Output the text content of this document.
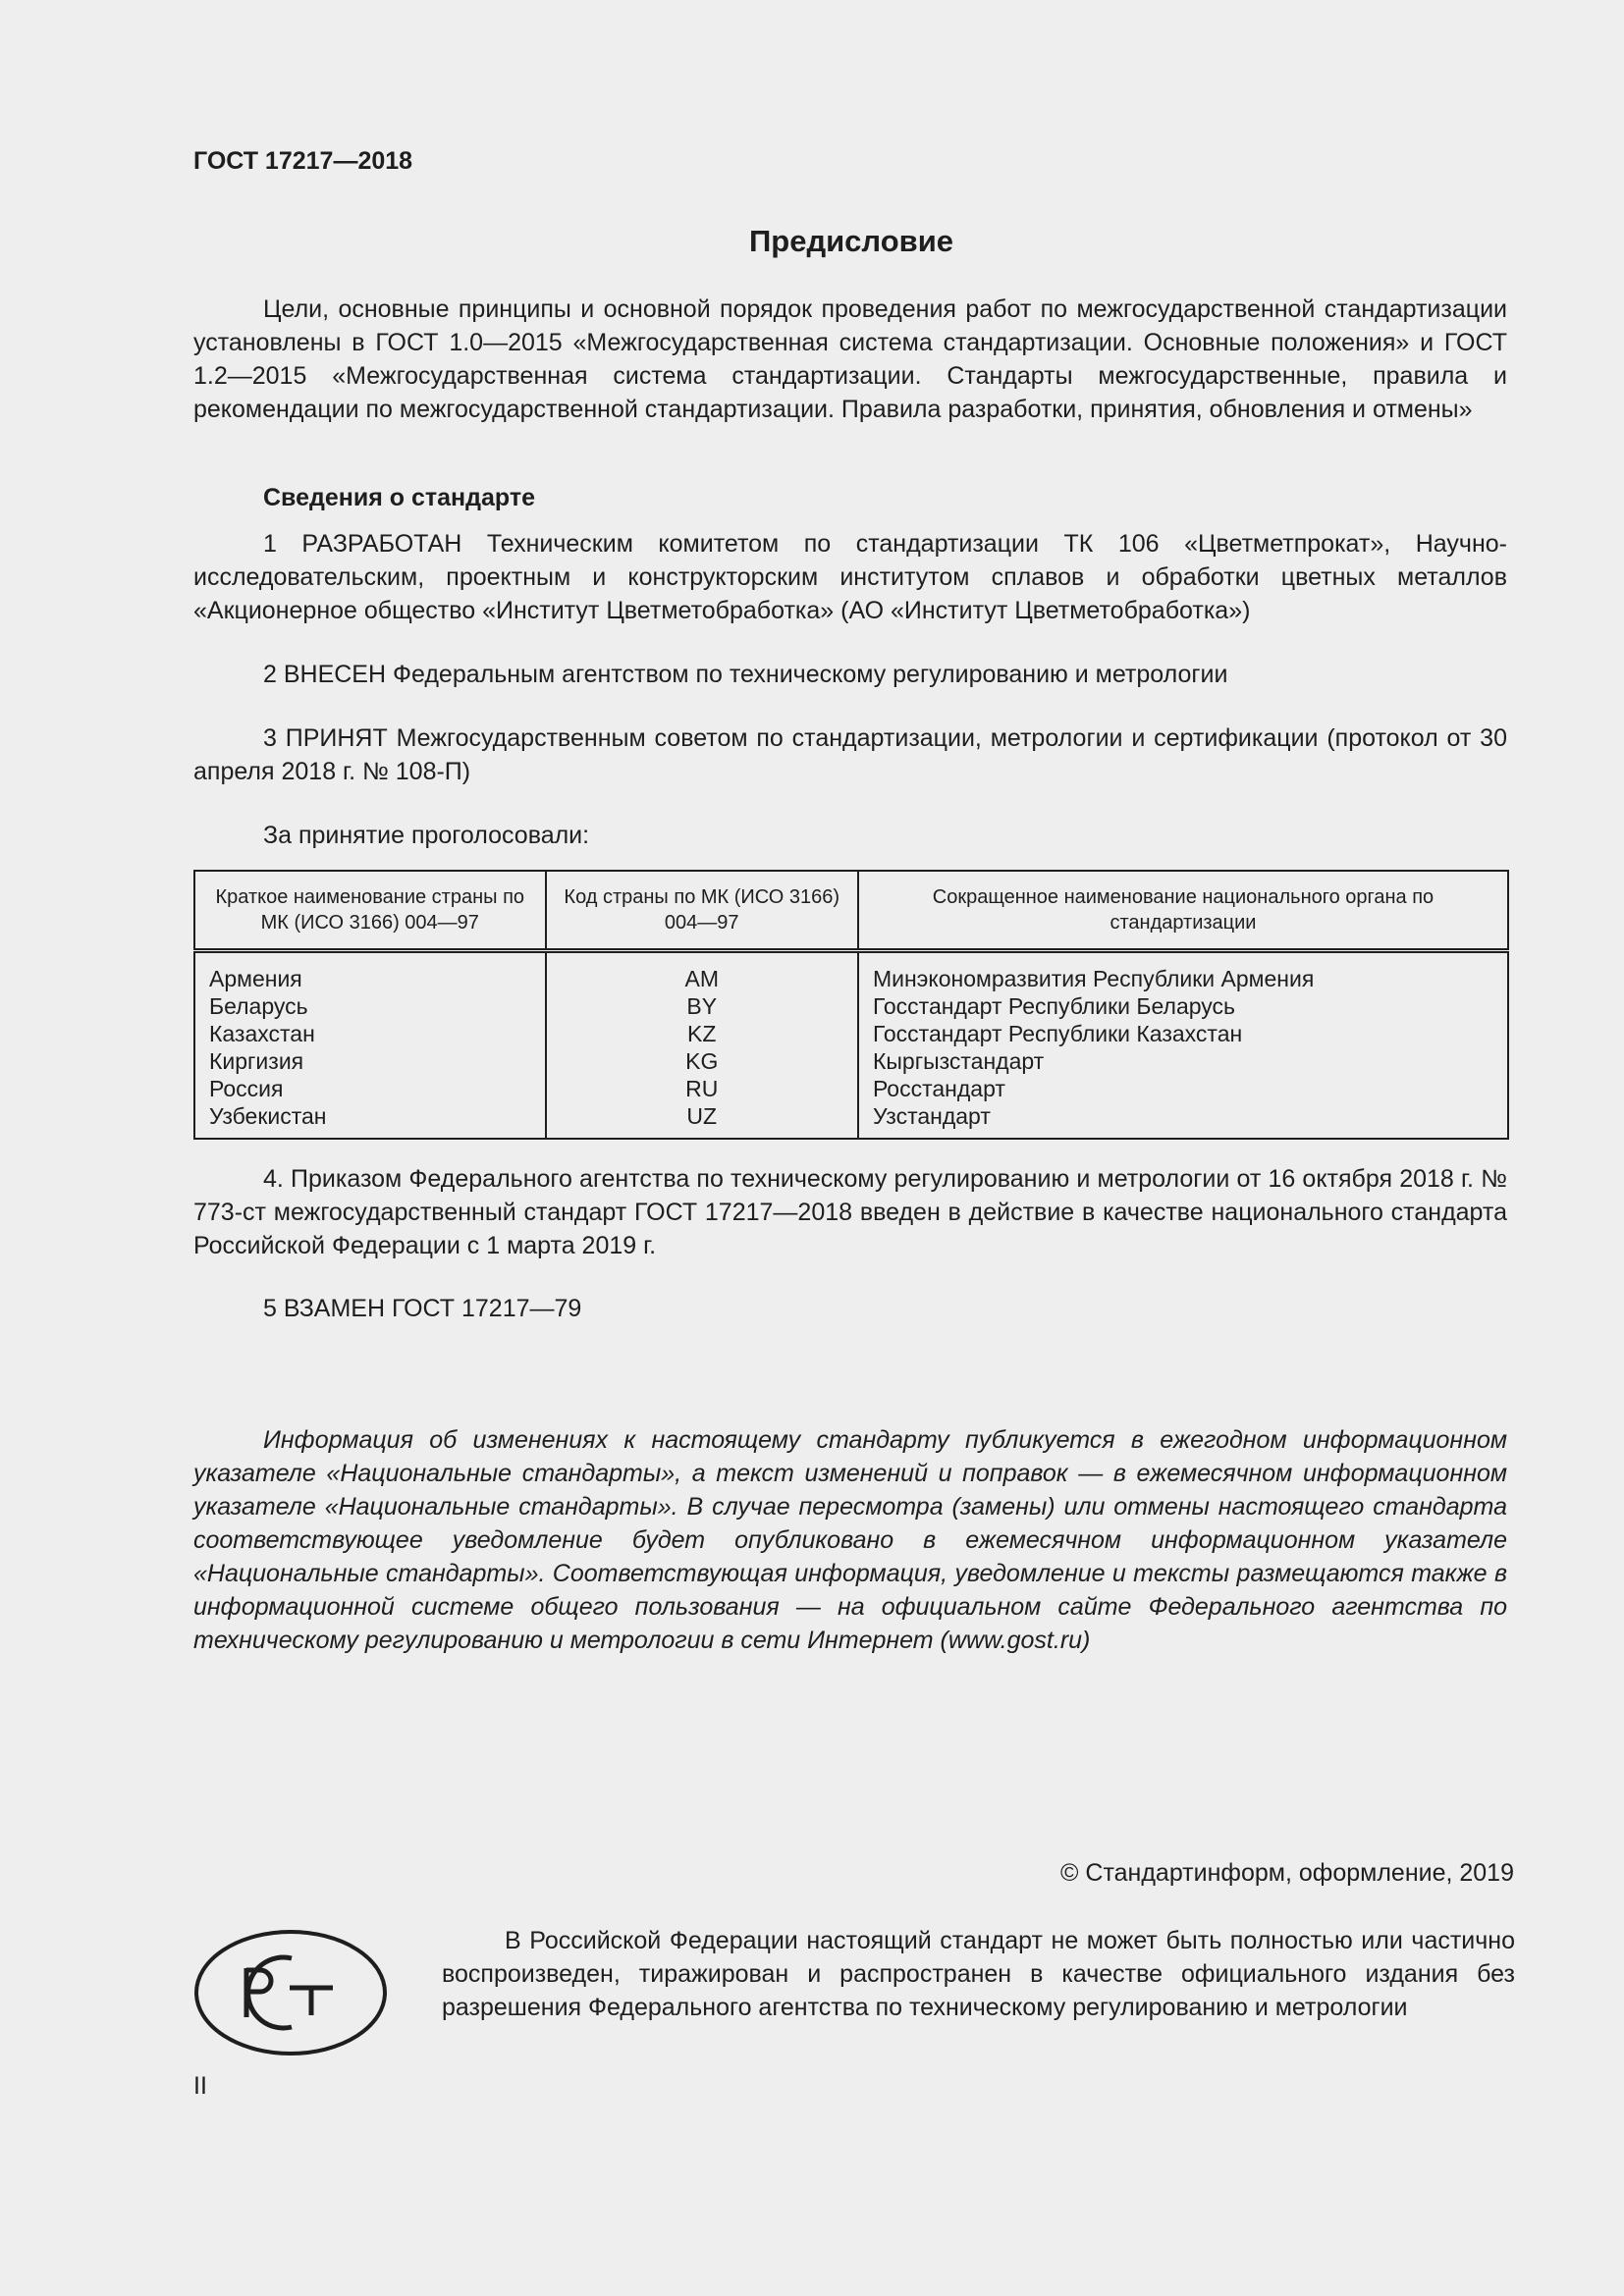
ГОСТ 17217—2018
Предисловие
Цели, основные принципы и основной порядок проведения работ по межгосударственной стандартизации установлены в ГОСТ 1.0—2015 «Межгосударственная система стандартизации. Основные положения» и ГОСТ 1.2—2015 «Межгосударственная система стандартизации. Стандарты межгосударственные, правила и рекомендации по межгосударственной стандартизации. Правила разработки, принятия, обновления и отмены»
Сведения о стандарте
1 РАЗРАБОТАН Техническим комитетом по стандартизации ТК 106 «Цветметпрокат», Научно-исследовательским, проектным и конструкторским институтом сплавов и обработки цветных металлов «Акционерное общество «Институт Цветметобработка» (АО «Институт Цветметобработка»)
2 ВНЕСЕН Федеральным агентством по техническому регулированию и метрологии
3 ПРИНЯТ Межгосударственным советом по стандартизации, метрологии и сертификации (протокол от 30 апреля 2018 г. № 108-П)
За принятие проголосовали:
Краткое наименование страны по МК (ИСО 3166) 004—97	Код страны по МК (ИСО 3166) 004—97	Сокращенное наименование национального органа по стандартизации
Армения	AM	Минэкономразвития Республики Армения
Беларусь	BY	Госстандарт Республики Беларусь
Казахстан	KZ	Госстандарт Республики Казахстан
Киргизия	KG	Кыргызстандарт
Россия	RU	Росстандарт
Узбекистан	UZ	Узстандарт
4. Приказом Федерального агентства по техническому регулированию и метрологии от 16 октября 2018 г. № 773-ст межгосударственный стандарт ГОСТ 17217—2018 введен в действие в качестве национального стандарта Российской Федерации с 1 марта 2019 г.
5 ВЗАМЕН ГОСТ 17217—79
Информация об изменениях к настоящему стандарту публикуется в ежегодном информационном указателе «Национальные стандарты», а текст изменений и поправок — в ежемесячном информационном указателе «Национальные стандарты». В случае пересмотра (замены) или отмены настоящего стандарта соответствующее уведомление будет опубликовано в ежемесячном информационном указателе «Национальные стандарты». Соответствующая информация, уведомление и тексты размещаются также в информационной системе общего пользования — на официальном сайте Федерального агентства по техническому регулированию и метрологии в сети Интернет (www.gost.ru)
© Стандартинформ, оформление, 2019
В Российской Федерации настоящий стандарт не может быть полностью или частично воспроизведен, тиражирован и распространен в качестве официального издания без разрешения Федерального агентства по техническому регулированию и метрологии
II
